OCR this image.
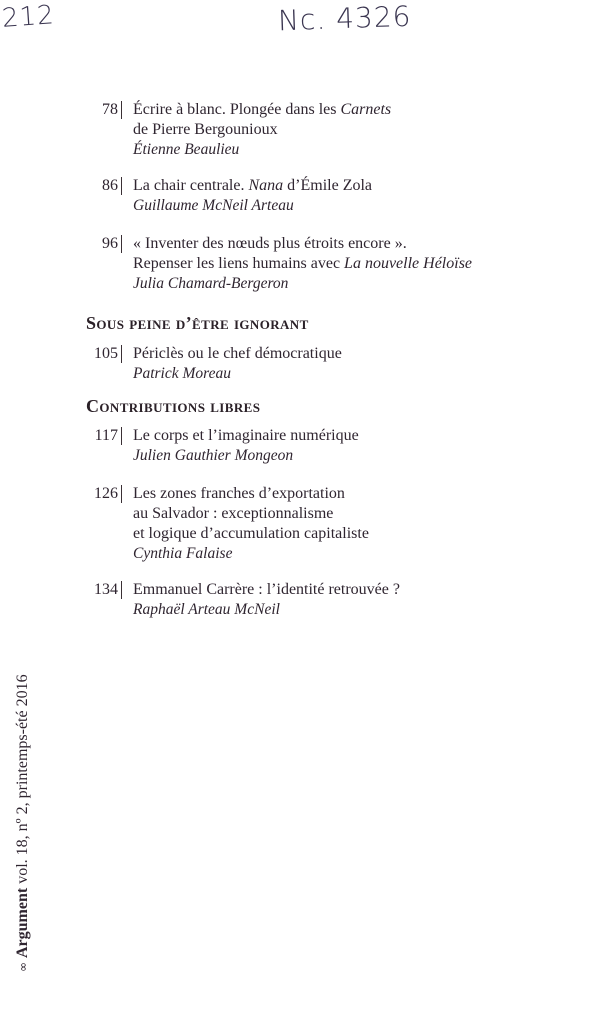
212	Nc. 4326
78 Écrire à blanc. Plongée dans les Carnets
de Pierre Bergounioux
Étienne Beaulieu
86 La chair centrale. Nana d’Émile Zola
Guillaume McNeil Arteau
96 « Inventer des nœuds plus étroits encore ».
Repenser les liens humains avec La nouvelle Héloïse
Julia Chamard-Bergeron
Sous peine d’être ignorant
105 Périclès ou le chef démocratique
Patrick Moreau
Contributions libres
117 Le corps et l’imaginaire numérique
Julien Gauthier Mongeon
126 Les zones franches d’exportation
au Salvador : exceptionnalisme
et logique d’accumulation capitaliste
Cynthia Falaise
134 Emmanuel Carrère : l’identité retrouvée ?
Raphaël Arteau McNeil
∞Argumentvol. 18, nº 2, printemps-été 2016
